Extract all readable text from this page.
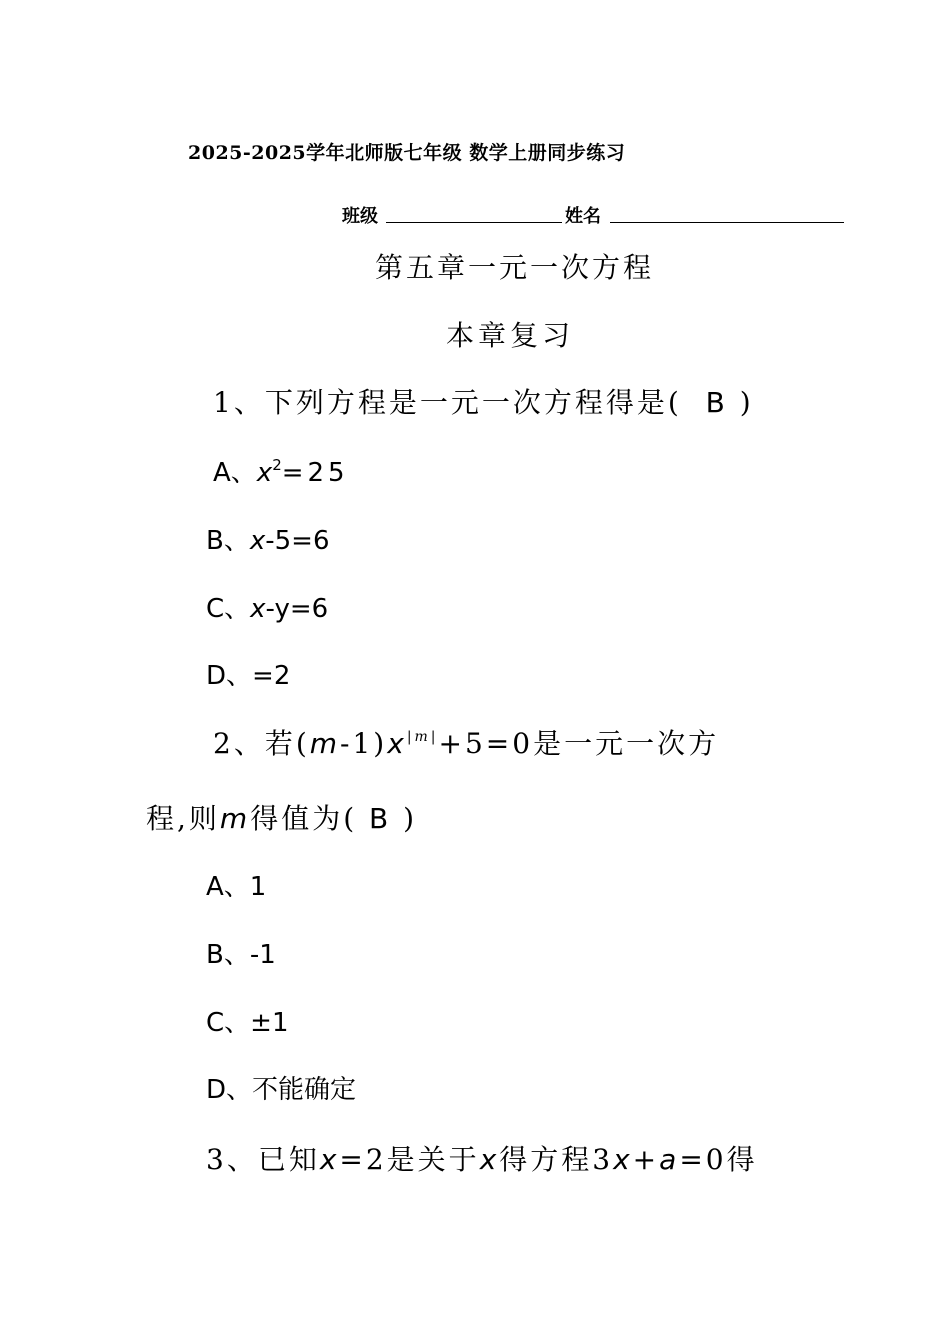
2025-2025学年北师版七年级 数学上册同步练习
班级	姓名
第五章一元一次方程
本章复习
1、下列方程是一元一次方程得是( B )
A、$x^2=25$
B、x-5=6
C、x-y=6
D、=2
2、若$(m-1)x^{|m|}+5=0$是一元一次方
程,则m得值为( B )
A、1
B、-1
C、±1
D、不能确定
3、已知x=2是关于x得方程3x+a=0得
